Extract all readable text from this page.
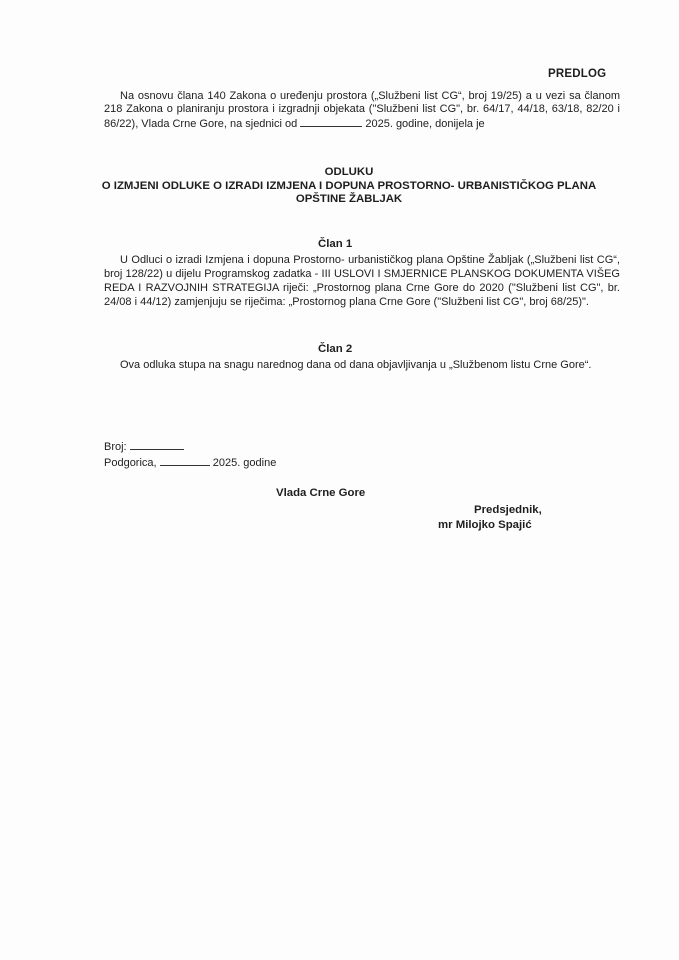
PREDLOG
Na osnovu člana 140 Zakona o uređenju prostora („Službeni list CG“, broj 19/25) a u vezi sa članom 218 Zakona o planiranju prostora i izgradnji objekata ("Službeni list CG", br. 64/17, 44/18, 63/18, 82/20 i 86/22), Vlada Crne Gore, na sjednici od	2025. godine, donijela je
ODLUKU
O IZMJENI ODLUKE O IZRADI IZMJENA I DOPUNA PROSTORNO- URBANISTIČKOG PLANA
OPŠTINE ŽABLJAK
Član 1
U Odluci o izradi Izmjena i dopuna Prostorno- urbanističkog plana Opštine Žabljak („Službeni list CG“, broj 128/22) u dijelu Programskog zadatka - III USLOVI I SMJERNICE PLANSKOG DOKUMENTA VIŠEG REDA I RAZVOJNIH STRATEGIJA riječi: „Prostornog plana Crne Gore do 2020 ("Službeni list CG", br. 24/08 i 44/12) zamjenjuju se riječima: „Prostornog plana Crne Gore ("Službeni list CG", broj 68/25)".
Član 2
Ova odluka stupa na snagu narednog dana od dana objavljivanja u „Službenom listu Crne Gore“.
Broj:
Podgorica,	2025. godine
Vlada Crne Gore
Predsjednik,
mr Milojko Spajić
